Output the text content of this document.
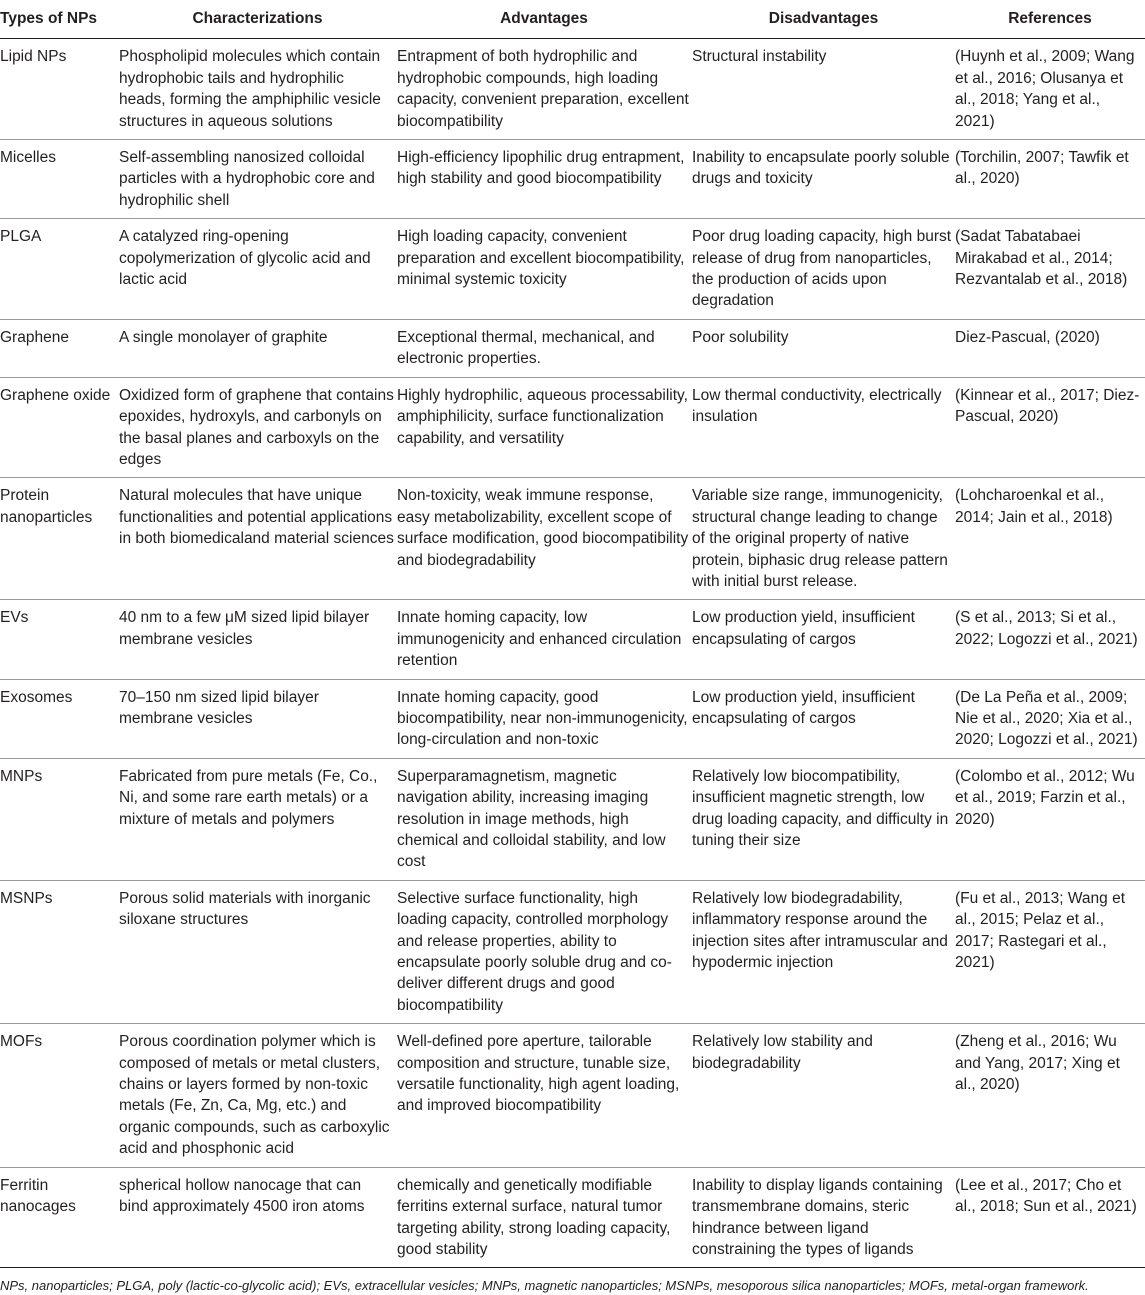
Types of NPs	Characterizations	Advantages	Disadvantages	References
Lipid NPs	Phospholipid molecules which contain hydrophobic tails and hydrophilic heads, forming the amphiphilic vesicle structures in aqueous solutions	Entrapment of both hydrophilic and hydrophobic compounds, high loading capacity, convenient preparation, excellent biocompatibility	Structural instability	(Huynh et al., 2009; Wang et al., 2016; Olusanya et al., 2018; Yang et al., 2021)
Micelles	Self-assembling nanosized colloidal particles with a hydrophobic core and hydrophilic shell	High-efficiency lipophilic drug entrapment, high stability and good biocompatibility	Inability to encapsulate poorly soluble drugs and toxicity	(Torchilin, 2007; Tawfik et al., 2020)
PLGA	A catalyzed ring-opening copolymerization of glycolic acid and lactic acid	High loading capacity, convenient preparation and excellent biocompatibility, minimal systemic toxicity	Poor drug loading capacity, high burst release of drug from nanoparticles, the production of acids upon degradation	(Sadat Tabatabaei Mirakabad et al., 2014; Rezvantalab et al., 2018)
Graphene	A single monolayer of graphite	Exceptional thermal, mechanical, and electronic properties.	Poor solubility	Diez-Pascual, (2020)
Graphene oxide	Oxidized form of graphene that contains epoxides, hydroxyls, and carbonyls on the basal planes and carboxyls on the edges	Highly hydrophilic, aqueous processability, amphiphilicity, surface functionalization capability, and versatility	Low thermal conductivity, electrically insulation	(Kinnear et al., 2017; Diez-Pascual, 2020)
Protein nanoparticles	Natural molecules that have unique functionalities and potential applications in both biomedicaland material sciences	Non-toxicity, weak immune response, easy metabolizability, excellent scope of surface modification, good biocompatibility and biodegradability	Variable size range, immunogenicity, structural change leading to change of the original property of native protein, biphasic drug release pattern with initial burst release.	(Lohcharoenkal et al., 2014; Jain et al., 2018)
EVs	40 nm to a few μM sized lipid bilayer membrane vesicles	Innate homing capacity, low immunogenicity and enhanced circulation retention	Low production yield, insufficient encapsulating of cargos	(S et al., 2013; Si et al., 2022; Logozzi et al., 2021)
Exosomes	70–150 nm sized lipid bilayer membrane vesicles	Innate homing capacity, good biocompatibility, near non-immunogenicity, long-circulation and non-toxic	Low production yield, insufficient encapsulating of cargos	(De La Peña et al., 2009; Nie et al., 2020; Xia et al., 2020; Logozzi et al., 2021)
MNPs	Fabricated from pure metals (Fe, Co., Ni, and some rare earth metals) or a mixture of metals and polymers	Superparamagnetism, magnetic navigation ability, increasing imaging resolution in image methods, high chemical and colloidal stability, and low cost	Relatively low biocompatibility, insufficient magnetic strength, low drug loading capacity, and difficulty in tuning their size	(Colombo et al., 2012; Wu et al., 2019; Farzin et al., 2020)
MSNPs	Porous solid materials with inorganic siloxane structures	Selective surface functionality, high loading capacity, controlled morphology and release properties, ability to encapsulate poorly soluble drug and co-deliver different drugs and good biocompatibility	Relatively low biodegradability, inflammatory response around the injection sites after intramuscular and hypodermic injection	(Fu et al., 2013; Wang et al., 2015; Pelaz et al., 2017; Rastegari et al., 2021)
MOFs	Porous coordination polymer which is composed of metals or metal clusters, chains or layers formed by non-toxic metals (Fe, Zn, Ca, Mg, etc.) and organic compounds, such as carboxylic acid and phosphonic acid	Well-defined pore aperture, tailorable composition and structure, tunable size, versatile functionality, high agent loading, and improved biocompatibility	Relatively low stability and biodegradability	(Zheng et al., 2016; Wu and Yang, 2017; Xing et al., 2020)
Ferritin nanocages	spherical hollow nanocage that can bind approximately 4500 iron atoms	chemically and genetically modifiable ferritins external surface, natural tumor targeting ability, strong loading capacity, good stability	Inability to display ligands containing transmembrane domains, steric hindrance between ligand constraining the types of ligands	(Lee et al., 2017; Cho et al., 2018; Sun et al., 2021)
NPs, nanoparticles; PLGA, poly (lactic-co-glycolic acid); EVs, extracellular vesicles; MNPs, magnetic nanoparticles; MSNPs, mesoporous silica nanoparticles; MOFs, metal-organ framework.
